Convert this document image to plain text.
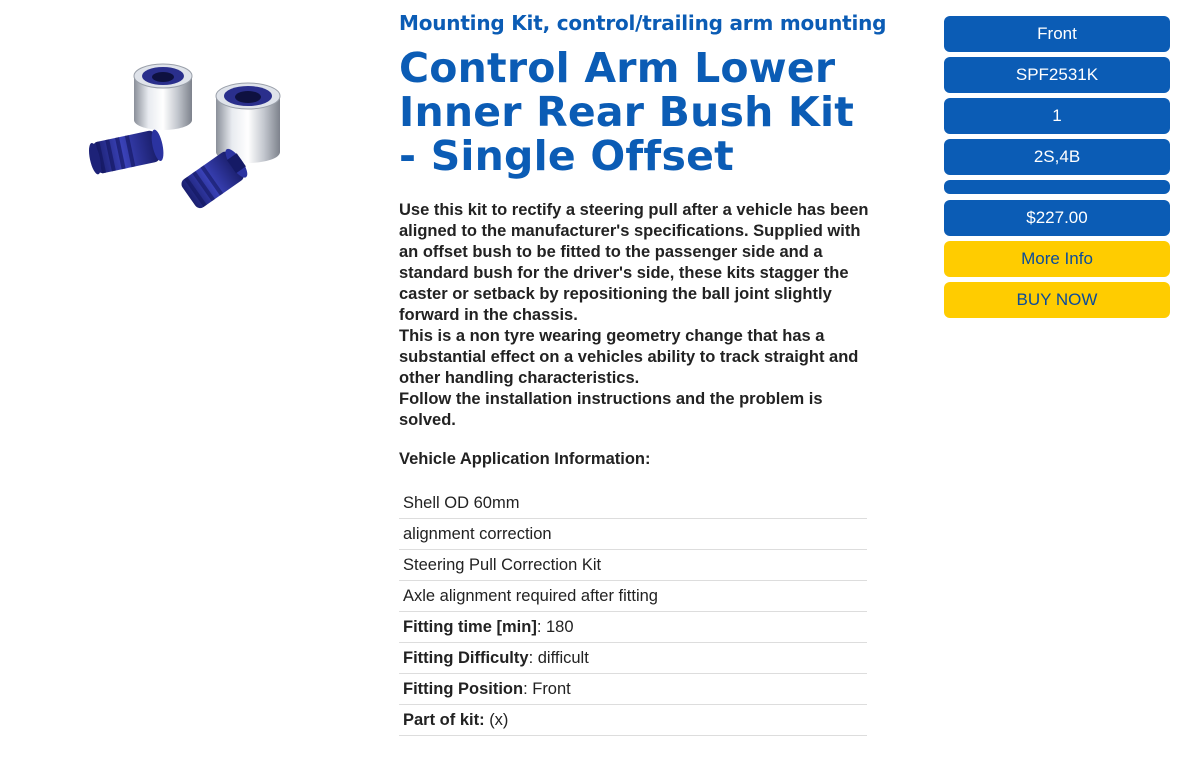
Mounting Kit, control/trailing arm mounting
Control Arm Lower
Inner Rear Bush Kit
- Single Offset

Use this kit to rectify a steering pull after a vehicle has been aligned to the manufacturer's specifications. Supplied with an offset bush to be fitted to the passenger side and a standard bush for the driver's side, these kits stagger the caster or setback by repositioning the ball joint slightly forward in the chassis.

This is a non tyre wearing geometry change that has a substantial effect on a vehicles ability to track straight and other handling characteristics.

Follow the installation instructions and the problem is solved.

Vehicle Application Information:
Shell OD 60mm
alignment correction
Steering Pull Correction Kit
Axle alignment required after fitting
Fitting time [min]: 180
Fitting Difficulty: difficult
Fitting Position: Front
Part of kit: (x)
Front
SPF2531K
1
2S,4B
$227.00
More Info
BUY NOW
